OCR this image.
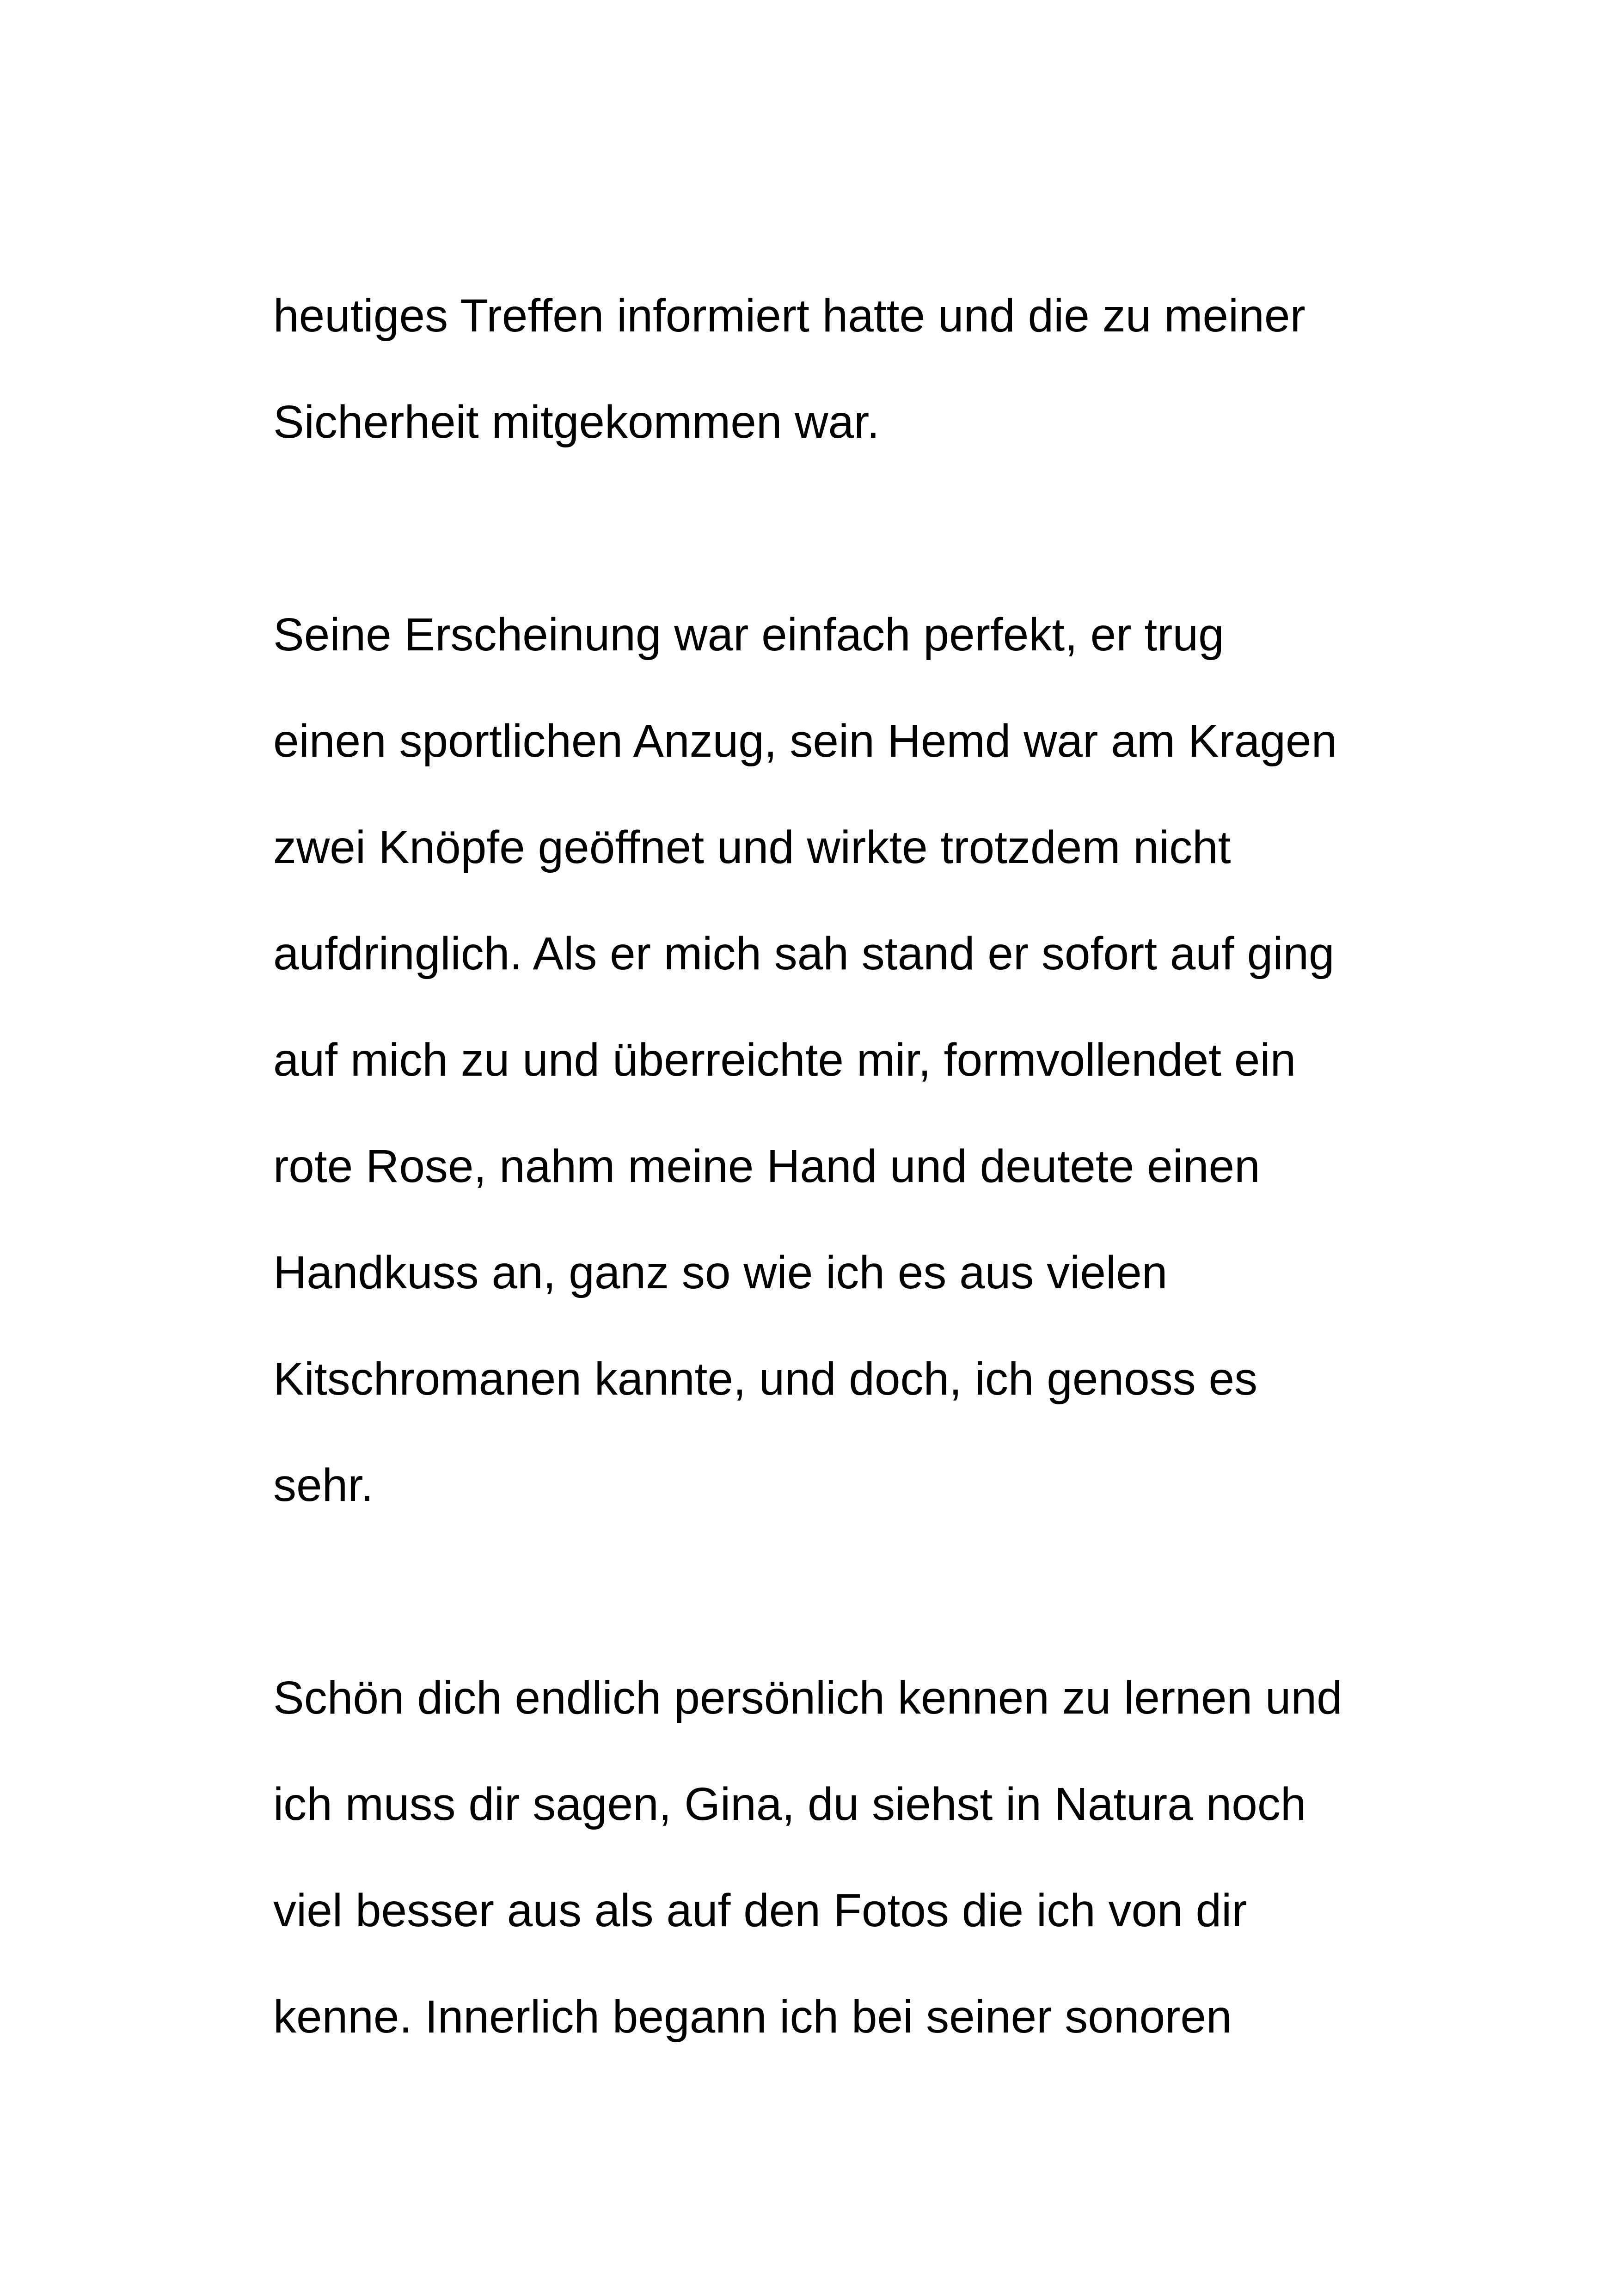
heutiges Treffen informiert hatte und die zu meiner
Sicherheit mitgekommen war.
Seine Erscheinung war einfach perfekt, er trug
einen sportlichen Anzug, sein Hemd war am Kragen
zwei Knöpfe geöffnet und wirkte trotzdem nicht
aufdringlich. Als er mich sah stand er sofort auf ging
auf mich zu und überreichte mir, formvollendet ein
rote Rose, nahm meine Hand und deutete einen
Handkuss an, ganz so wie ich es aus vielen
Kitschromanen kannte, und doch, ich genoss es
sehr.
Schön dich endlich persönlich kennen zu lernen und
ich muss dir sagen, Gina, du siehst in Natura noch
viel besser aus als auf den Fotos die ich von dir
kenne. Innerlich begann ich bei seiner sonoren
